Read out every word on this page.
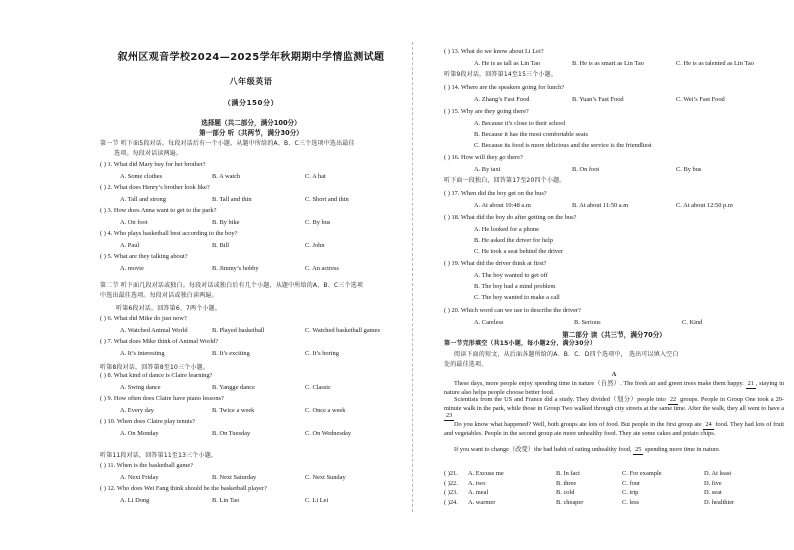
叙州区观音学校2024—2025学年秋期期中学情监测试题
八年级英语
（满分150分）
选择题（共二部分，满分100分）
第一部分 听（共两节，满分30分）
第一节 听下面5段对话。每段对话后有一个小题，从题中所给的A、B、C三个选项中选出最佳
选项。每段对话读两遍。
( ) 1. What did Mary buy for her brother?
A. Some clothes	B. A watch	C. A hat
( ) 2. What does Henry’s brother look like?
A. Tall and strong	B. Tall and thin	C. Short and thin
( ) 3. How does Anna want to get to the park?
A. On foot	B. By bike	C. By bus
( ) 4. Who plays basketball best according to the boy?
A. Paul	B. Bill	C. John
( ) 5. What are they talking about?
A. movie	B. Jimmy’s hobby	C. An actress
( ) 6. What did Mike do just now?
A. Watched Animal World	B. Played basketball	C. Watched basketball games
( ) 7. What does Mike think of Animal World?
A. It’s interesting	B. It’s exciting	C. It’s boring
( ) 8. What kind of dance is Claire learning?
A. Swing dance	B. Yangge dance	C. Classic
( ) 9. How often does Claire have piano lessons?
A. Every day	B. Twice a week	C. Once a week
( ) 10. When does Claire play tennis?
A. On Monday	B. On Tuesday	C. On Wednesday
( ) 11. When is the basketball game?
A. Next Friday	B. Next Saturday	C. Next Sunday
( ) 12. Who does Wei Fang think should be the basketball player?
A. Li Dong	B. Lin Tao	C. Li Lei
第二节 听下面几段对话或独白。每段对话或独白后有几个小题，从题中所给的A、B、C三个选项
中选出最佳选项。每段对话或独白读两遍。
听第6段对话，回答第6、7两个小题。
听第8段对话，回答第8至10三个小题。
听第11段对话，回答第11至13三个小题。
( ) 13. What do we know about Li Lei?
A. He is as tall as Lin Tao	B. He is as smart as Lin Tao	C. He is as talented as Lin Tao
听第9段对话，回答第14至15三个小题。
( ) 14. Where are the speakers going for lunch?
A. Zhang’s Fast Food	B. Yuan’s Fast Food	C. Wei’s Fast Food
( ) 15. Why are they going there?
A. Because it’s close to their school
B. Because it has the most comfortable seats
C. Because its food is more delicious and the service is the friendliest
( ) 16. How will they go there?
A. By taxi	B. On foot	C. By bus
听下面一段独白，回答第17至20四个小题。
( ) 17. When did the boy get on the bus?
A. At about 10:48 a.m	B. At about 11:50 a.m	C. At about 12:50 p.m
( ) 18. What did the boy do after getting on the bus?
A. He looked for a phone
B. He asked the driver for help
C. He took a seat behind the driver
( ) 19. What did the driver think at first?
A. The boy wanted to get off
B. The boy had a mind problem
C. The boy wanted to make a call
( ) 20. Which word can we use to describe the driver?
A. Careless	B. Serious	C. Kind
第二部分 读（共三节，满分70分）
第一节完形填空（共15小题，每小题2分，满分30分）
阅读下面的短文，从后面各题所给的A．B．C．D四个选项中， 选出可以填入空白
处的最佳选项。
A
These days, more people enjoy spending time in nature（自然）. The fresh air and green trees make them happy. 21 , staying in nature also helps people choose better food.
Scientists from the US and France did a study. They divided（划分）people into 22 groups. People in Group One took a 20-minute walk in the park, while those in Group Two walked through city streets at the same time. After the walk, they all went to have a 23
Do you know what happened? Well, both groups ate lots of food. But people in the first group ate 24 food. They had lots of fruit and vegetables. People in the second group ate more unhealthy food. They ate some cakes and potato chips.
If you want to change（改变）the bad habit of eating unhealthy food, 25 spending more time in nature.
( )21. A. Excuse me	B. In fact	C. For example	D. At least
( )22. A. two	B. three	C. four	D. five
( )23. A. meal	B. cold	C. trip	D. seat
( )24. A. warmer	B. cheaper	C. less	D. healthier
